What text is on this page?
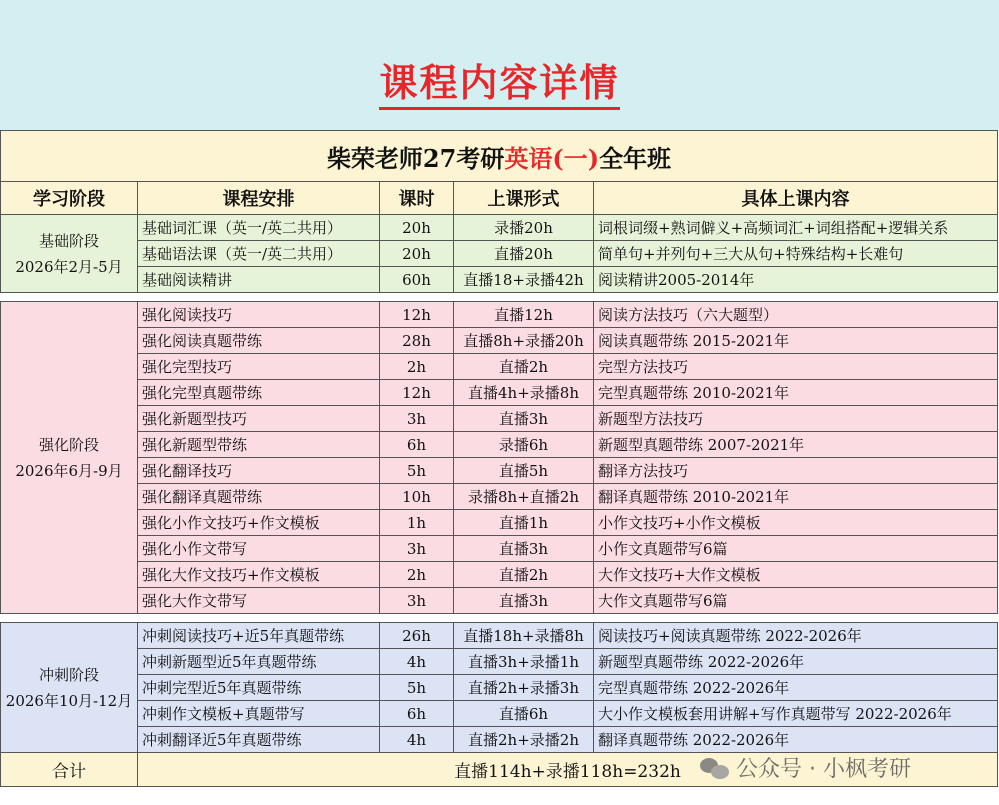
课程内容详情
柴荣老师27考研英语(一)全年班				
学习阶段	课程安排	课时	上课形式	具体上课内容

基础阶段
2026年2月-5月	基础词汇课（英一/英二共用）	20h	录播20h	词根词缀+熟词僻义+高频词汇+词组搭配+逻辑关系
	基础语法课（英一/英二共用）	20h	直播20h	简单句+并列句+三大从句+特殊结构+长难句
	基础阅读精讲	60h	直播18+录播42h	阅读精讲2005-2014年

强化阶段
2026年6月-9月	强化阅读技巧	12h	直播12h	阅读方法技巧（六大题型）
	强化阅读真题带练	28h	直播8h+录播20h	阅读真题带练 2015-2021年
	强化完型技巧	2h	直播2h	完型方法技巧
	强化完型真题带练	12h	直播4h+录播8h	完型真题带练 2010-2021年
	强化新题型技巧	3h	直播3h	新题型方法技巧
	强化新题型带练	6h	录播6h	新题型真题带练 2007-2021年
	强化翻译技巧	5h	直播5h	翻译方法技巧
	强化翻译真题带练	10h	录播8h+直播2h	翻译真题带练 2010-2021年
	强化小作文技巧+作文模板	1h	直播1h	小作文技巧+小作文模板
	强化小作文带写	3h	直播3h	小作文真题带写6篇
	强化大作文技巧+作文模板	2h	直播2h	大作文技巧+大作文模板
	强化大作文带写	3h	直播3h	大作文真题带写6篇

冲刺阶段
2026年10月-12月	冲刺阅读技巧+近5年真题带练	26h	直播18h+录播8h	阅读技巧+阅读真题带练 2022-2026年
	冲刺新题型近5年真题带练	4h	直播3h+录播1h	新题型真题带练 2022-2026年
	冲刺完型近5年真题带练	5h	直播2h+录播3h	完型真题带练 2022-2026年
	冲刺作文模板+真题带写	6h	直播6h	大小作文模板套用讲解+写作真题带写 2022-2026年
	冲刺翻译近5年真题带练	4h	直播2h+录播2h	翻译真题带练 2022-2026年
合计	直播114h+录播118h=232h				公众号 · 小枫考研
